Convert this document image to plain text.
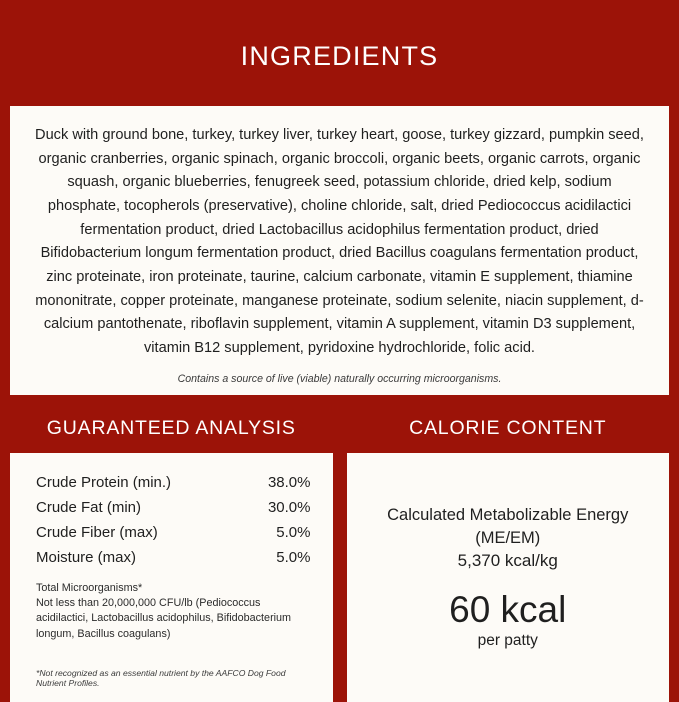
INGREDIENTS
Duck with ground bone, turkey, turkey liver, turkey heart, goose, turkey gizzard, pumpkin seed, organic cranberries, organic spinach, organic broccoli, organic beets, organic carrots, organic squash, organic blueberries, fenugreek seed, potassium chloride, dried kelp, sodium phosphate, tocopherols (preservative), choline chloride, salt, dried Pediococcus acidilactici fermentation product, dried Lactobacillus acidophilus fermentation product, dried Bifidobacterium longum fermentation product, dried Bacillus coagulans fermentation product, zinc proteinate, iron proteinate, taurine, calcium carbonate, vitamin E supplement, thiamine mononitrate, copper proteinate, manganese proteinate, sodium selenite, niacin supplement, d-calcium pantothenate, riboflavin supplement, vitamin A supplement, vitamin D3 supplement, vitamin B12 supplement, pyridoxine hydrochloride, folic acid.
Contains a source of live (viable) naturally occurring microorganisms.
GUARANTEED ANALYSIS
Crude Protein (min.)	38.0%
Crude Fat (min)	30.0%
Crude Fiber (max)	5.0%
Moisture (max)	5.0%
Total Microorganisms*
Not less than 20,000,000 CFU/lb (Pediococcus acidilactici, Lactobacillus acidophilus, Bifidobacterium longum, Bacillus coagulans)
*Not recognized as an essential nutrient by the AAFCO Dog Food Nutrient Profiles.
CALORIE CONTENT
Calculated Metabolizable Energy (ME/EM)
5,370 kcal/kg
60 kcal
per patty
